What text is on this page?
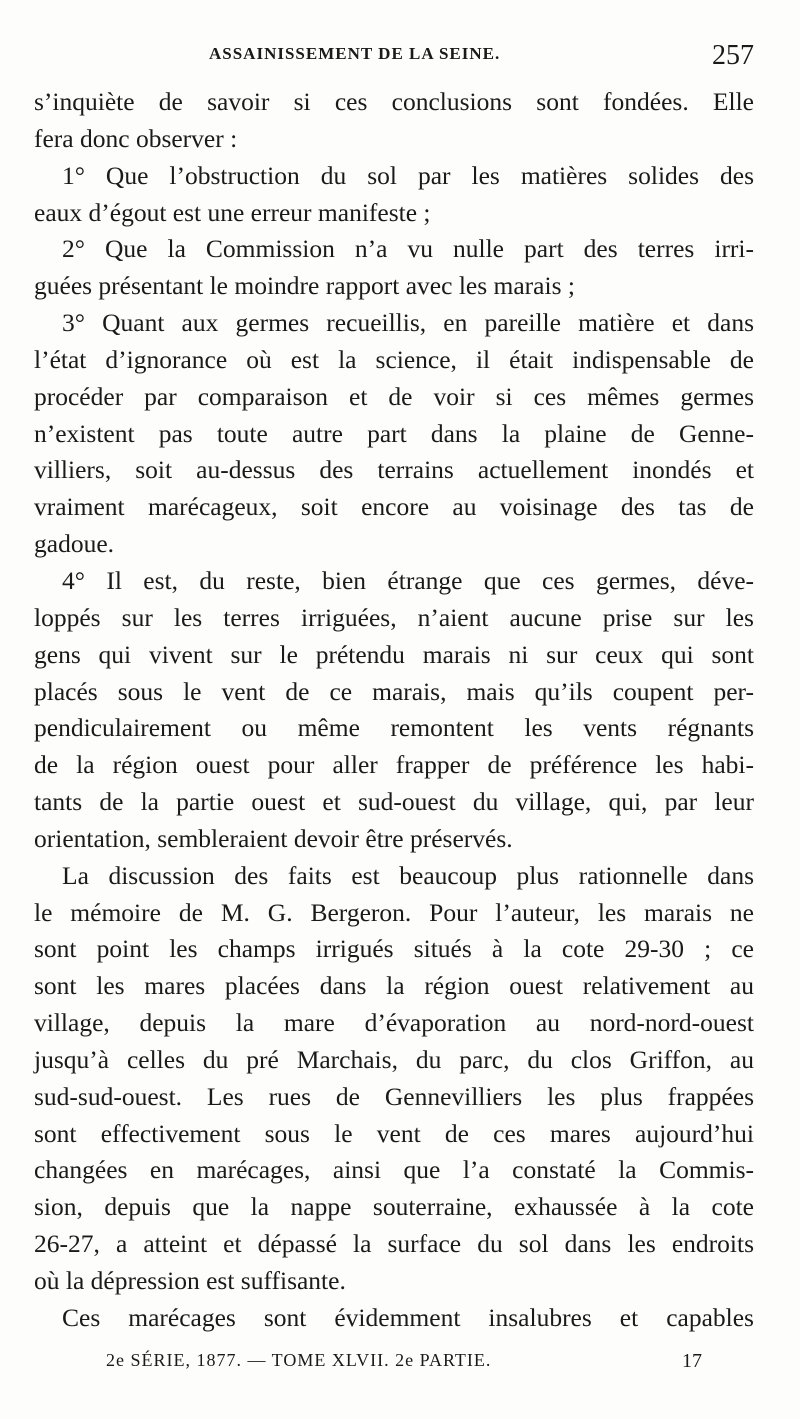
ASSAINISSEMENT DE LA SEINE.	257
s’inquiète de savoir si ces conclusions sont fondées. Elle
fera donc observer :
1° Que l’obstruction du sol par les matières solides des
eaux d’égout est une erreur manifeste ;
2° Que la Commission n’a vu nulle part des terres irri-
guées présentant le moindre rapport avec les marais ;
3° Quant aux germes recueillis, en pareille matière et dans
l’état d’ignorance où est la science, il était indispensable de
procéder par comparaison et de voir si ces mêmes germes
n’existent pas toute autre part dans la plaine de Genne-
villiers, soit au-dessus des terrains actuellement inondés et
vraiment marécageux, soit encore au voisinage des tas de
gadoue.
4° Il est, du reste, bien étrange que ces germes, déve-
loppés sur les terres irriguées, n’aient aucune prise sur les
gens qui vivent sur le prétendu marais ni sur ceux qui sont
placés sous le vent de ce marais, mais qu’ils coupent per-
pendiculairement ou même remontent les vents régnants
de la région ouest pour aller frapper de préférence les habi-
tants de la partie ouest et sud-ouest du village, qui, par leur
orientation, sembleraient devoir être préservés.
La discussion des faits est beaucoup plus rationnelle dans
le mémoire de M. G. Bergeron. Pour l’auteur, les marais ne
sont point les champs irrigués situés à la cote 29-30 ; ce
sont les mares placées dans la région ouest relativement au
village, depuis la mare d’évaporation au nord-nord-ouest
jusqu’à celles du pré Marchais, du parc, du clos Griffon, au
sud-sud-ouest. Les rues de Gennevilliers les plus frappées
sont effectivement sous le vent de ces mares aujourd’hui
changées en marécages, ainsi que l’a constaté la Commis-
sion, depuis que la nappe souterraine, exhaussée à la cote
26-27, a atteint et dépassé la surface du sol dans les endroits
où la dépression est suffisante.
Ces marécages sont évidemment insalubres et capables
2e SÉRIE, 1877. — TOME XLVII. 2e PARTIE.	17
